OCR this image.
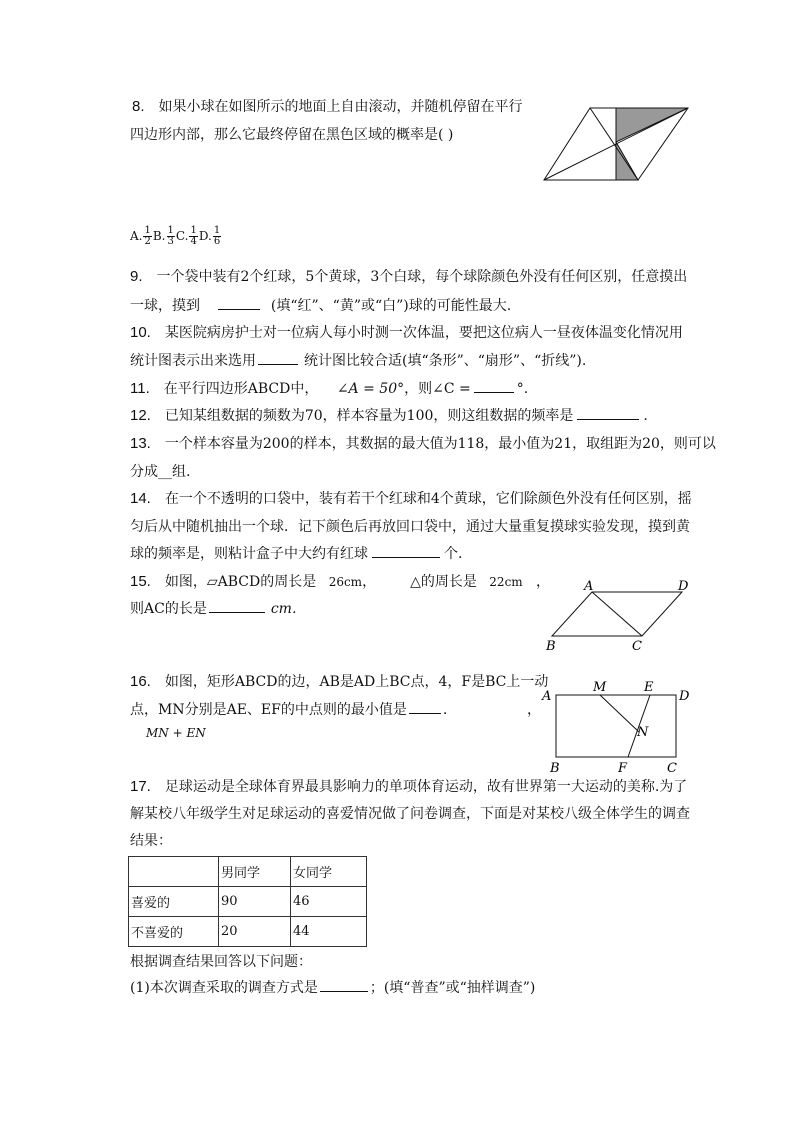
8. 如果小球在如图所示的地面上自由滚动，并随机停留在平行
四边形内部，那么它最终停留在黑色区域的概率是( )
A. $\frac{1}{2} B$. $\frac{1}{3} C$. $\frac{1}{4} D$. $\frac{1}{6}$
9. 一个袋中装有2个红球，5个黄球，3个白球，每个球除颜色外没有任何区别，任意摸出
一球，摸到	(填“红”、“黄”或“白”)球的可能性最大.
10. 某医院病房护士对一位病人每小时测一次体温，要把这位病人一昼夜体温变化情况用
统计图表示出来选用	统计图比较合适(填“条形”、“扇形”、“折线”).
11. 在平行四边形ABCD中， ∠A = 50°，则∠C =	°.
12. 已知某组数据的频数为70，样本容量为100，则这组数据的频率是	.
13. 一个样本容量为200的样本，其数据的最大值为118，最小值为21，取组距为20，则可以
分成__组.
14. 在一个不透明的口袋中，装有若干个红球和4个黄球，它们除颜色外没有任何区别，摇
匀后从中随机抽出一个球．记下颜色后再放回口袋中，通过大量重复摸球实验发现，摸到黄
球的频率是，则粘计盒子中大约有红球	个.
15. 如图，▱ABCD的周长是 26cm， △的周长是 22cm ，
则AC的长是	cm.
A	D
B	C
16. 如图，矩形ABCD的边，AB是AD上BC点，4，F是BC上一动
点，MN分别是AE、EF的中点则的最小值是	.	，
MN + EN
A
M	E
D
N
B	F	C
17. 足球运动是全球体育界最具影响力的单项体育运动，故有世界第一大运动的美称.为了
解某校八年级学生对足球运动的喜爱情况做了问卷调查，下面是对某校八级全体学生的调查
结果：
	男同学	女同学
喜爱的	90	46
不喜爱的	20	44
根据调查结果回答以下问题：
(1)本次调查采取的调查方式是	；(填“普查”或“抽样调查”)
